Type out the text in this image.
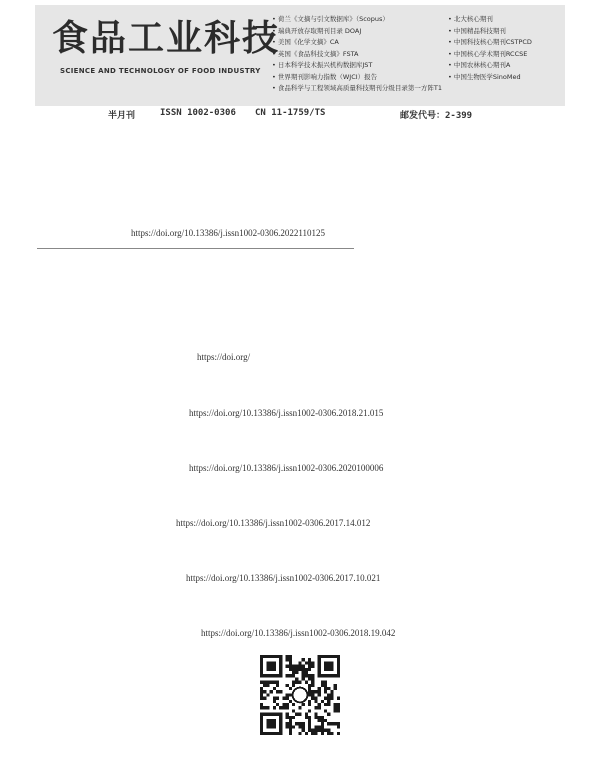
食品工业科技
SCIENCE AND TECHNOLOGY OF FOOD INDUSTRY
• 荷兰《文摘与引文数据库》（Scopus）
• 瑞典开放存取期刊目录 DOAJ
• 美国《化学文摘》CA
• 英国《食品科技文摘》FSTA
• 日本科学技术振兴机构数据库JST
• 世界期刊影响力指数（WJCI）报告
• 食品科学与工程领域高质量科技期刊分级目录第一方阵T1
• 北大核心期刊
• 中国精品科技期刊
• 中国科技核心期刊CSTPCD
• 中国核心学术期刊RCCSE
• 中国农林核心期刊A
• 中国生物医学SinoMed
半月刊	ISSN 1002-0306 CN 11-1759/TS	邮发代号：2-399
https://doi.org/10.13386/j.issn1002-0306.2022110125
https://doi.org/
https://doi.org/10.13386/j.issn1002-0306.2018.21.015
https://doi.org/10.13386/j.issn1002-0306.2020100006
https://doi.org/10.13386/j.issn1002-0306.2017.14.012
https://doi.org/10.13386/j.issn1002-0306.2017.10.021
https://doi.org/10.13386/j.issn1002-0306.2018.19.042
